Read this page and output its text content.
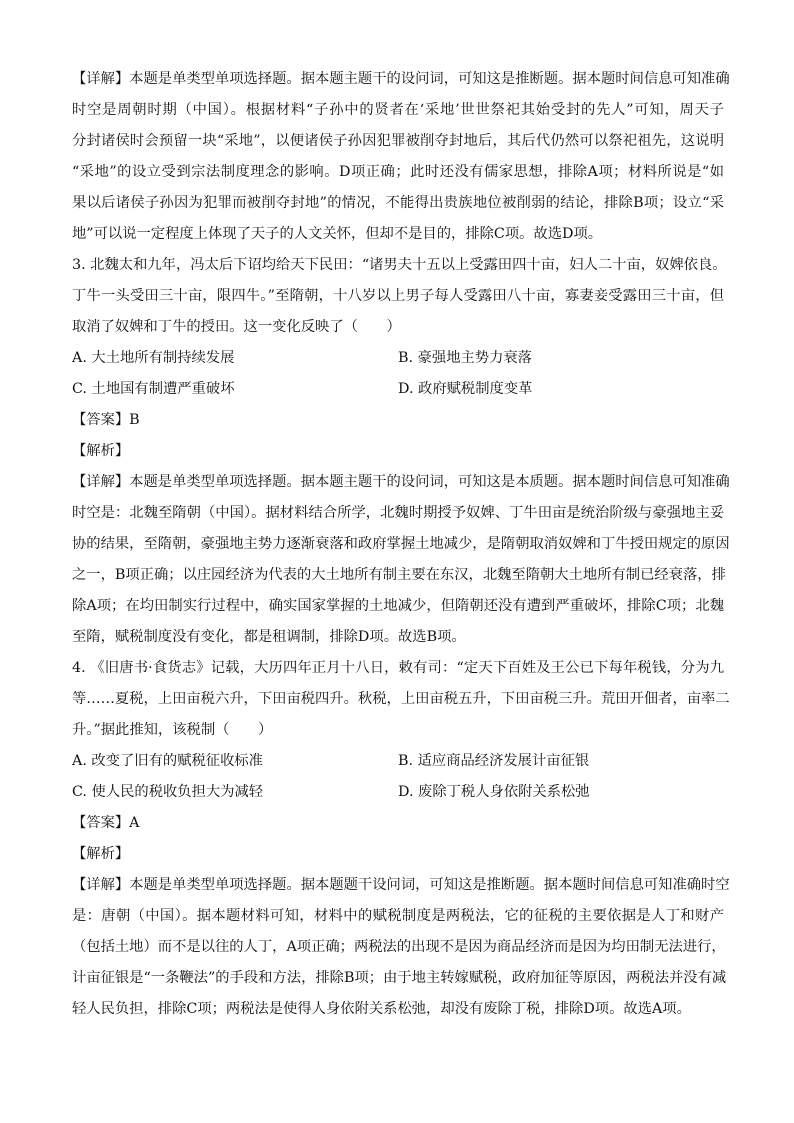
【详解】本题是单类型单项选择题。据本题主题干的设问词，可知这是推断题。据本题时间信息可知准确
时空是周朝时期（中国）。根据材料“子孙中的贤者在‘采地’世世祭祀其始受封的先人”可知，周天子
分封诸侯时会预留一块“采地”，以便诸侯子孙因犯罪被削夺封地后，其后代仍然可以祭祀祖先，这说明
“采地”的设立受到宗法制度理念的影响。D项正确；此时还没有儒家思想，排除A项；材料所说是“如
果以后诸侯子孙因为犯罪而被削夺封地”的情况，不能得出贵族地位被削弱的结论，排除B项；设立“采
地”可以说一定程度上体现了天子的人文关怀，但却不是目的，排除C项。故选D项。
3. 北魏太和九年，冯太后下诏均给天下民田：“诸男夫十五以上受露田四十亩，妇人二十亩，奴婢依良。
丁牛一头受田三十亩，限四牛。”至隋朝，十八岁以上男子每人受露田八十亩，寡妻妾受露田三十亩，但
取消了奴婢和丁牛的授田。这一变化反映了（　　）
A. 大土地所有制持续发展	B. 豪强地主势力衰落
C. 土地国有制遭严重破坏	D. 政府赋税制度变革
【答案】B
【解析】
【详解】本题是单类型单项选择题。据本题主题干的设问词，可知这是本质题。据本题时间信息可知准确
时空是：北魏至隋朝（中国）。据材料结合所学，北魏时期授予奴婢、丁牛田亩是统治阶级与豪强地主妥
协的结果，至隋朝，豪强地主势力逐渐衰落和政府掌握土地减少，是隋朝取消奴婢和丁牛授田规定的原因
之一，B项正确；以庄园经济为代表的大土地所有制主要在东汉，北魏至隋朝大土地所有制已经衰落，排
除A项；在均田制实行过程中，确实国家掌握的土地减少，但隋朝还没有遭到严重破坏，排除C项；北魏
至隋，赋税制度没有变化，都是租调制，排除D项。故选B项。
4. 《旧唐书·食货志》记载，大历四年正月十八日，敕有司：“定天下百姓及王公已下每年税钱，分为九
等……夏税，上田亩税六升，下田亩税四升。秋税，上田亩税五升，下田亩税三升。荒田开佃者，亩率二
升。”据此推知，该税制（　　）
A. 改变了旧有的赋税征收标准	B. 适应商品经济发展计亩征银
C. 使人民的税收负担大为减轻	D. 废除丁税人身依附关系松弛
【答案】A
【解析】
【详解】本题是单类型单项选择题。据本题题干设问词，可知这是推断题。据本题时间信息可知准确时空
是：唐朝（中国）。据本题材料可知，材料中的赋税制度是两税法，它的征税的主要依据是人丁和财产
（包括土地）而不是以往的人丁，A项正确；两税法的出现不是因为商品经济而是因为均田制无法进行，
计亩征银是“一条鞭法”的手段和方法，排除B项；由于地主转嫁赋税，政府加征等原因，两税法并没有减
轻人民负担，排除C项；两税法是使得人身依附关系松弛，却没有废除丁税，排除D项。故选A项。
